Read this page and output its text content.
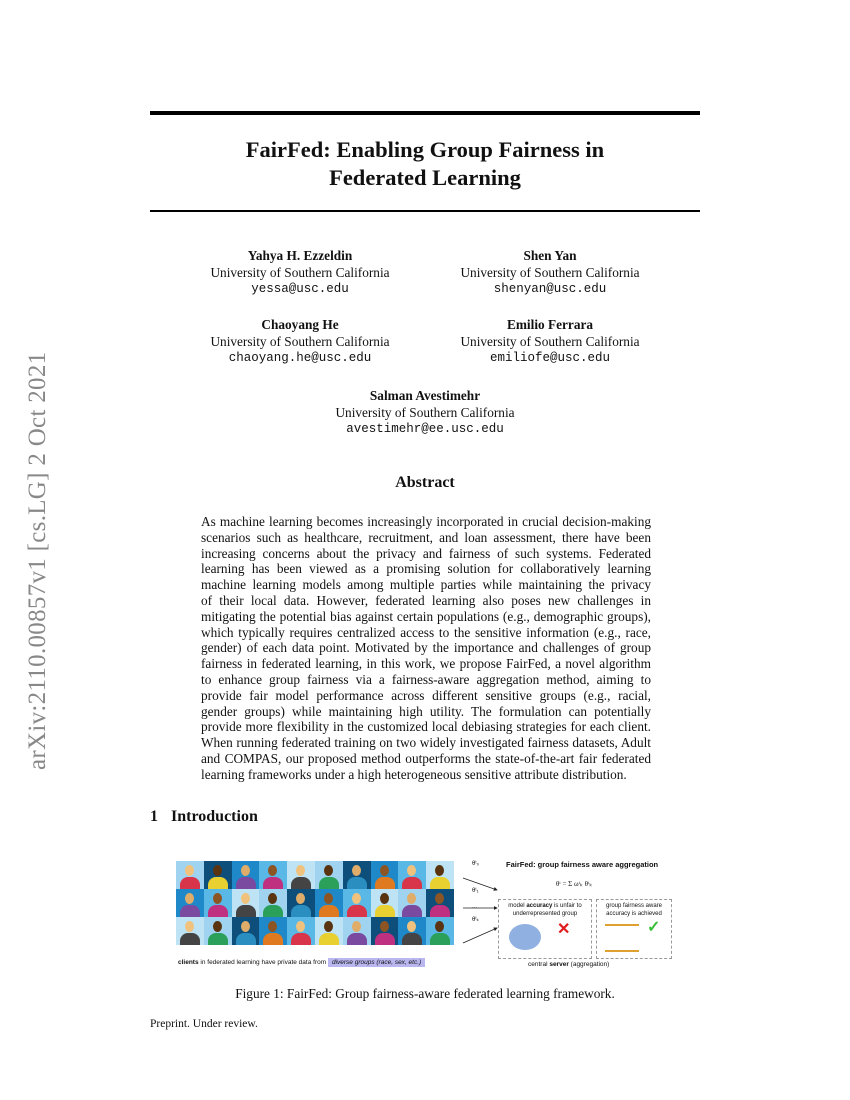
arXiv:2110.00857v1 [cs.LG] 2 Oct 2021
FairFed: Enabling Group Fairness in
Federated Learning
Yahya H. Ezzeldin
University of Southern California
yessa@usc.edu
Shen Yan
University of Southern California
shenyan@usc.edu
Chaoyang He
University of Southern California
chaoyang.he@usc.edu
Emilio Ferrara
University of Southern California
emiliofe@usc.edu
Salman Avestimehr
University of Southern California
avestimehr@ee.usc.edu
Abstract
As machine learning becomes increasingly incorporated in crucial decision-making
scenarios such as healthcare, recruitment, and loan assessment, there have been
increasing concerns about the privacy and fairness of such systems. Federated
learning has been viewed as a promising solution for collaboratively learning
machine learning models among multiple parties while maintaining the privacy
of their local data. However, federated learning also poses new challenges in
mitigating the potential bias against certain populations (e.g., demographic groups),
which typically requires centralized access to the sensitive information (e.g., race,
gender) of each data point. Motivated by the importance and challenges of group
fairness in federated learning, in this work, we propose FairFed, a novel algorithm
to enhance group fairness via a fairness-aware aggregation method, aiming to
provide fair model performance across different sensitive groups (e.g., racial,
gender groups) while maintaining high utility. The formulation can potentially
provide more flexibility in the customized local debiasing strategies for each client.
When running federated training on two widely investigated fairness datasets, Adult
and COMPAS, our proposed method outperforms the state-of-the-art fair federated
learning frameworks under a high heterogeneous sensitive attribute distribution.
1 Introduction
clients in federated learning have private data from diverse groups (race, sex, etc.)
θᵗ₀
θᵗ₁
...
θᵗₖ
FairFed: group fairness aware aggregation
θᵗ = Σ ωᵗₖ θᵗₖ
model accuracy is unfair to underrepresented group
✕
group fairness aware accuracy is achieved
✓
central server (aggregation)
Figure 1: FairFed: Group fairness-aware federated learning framework.
Preprint. Under review.
